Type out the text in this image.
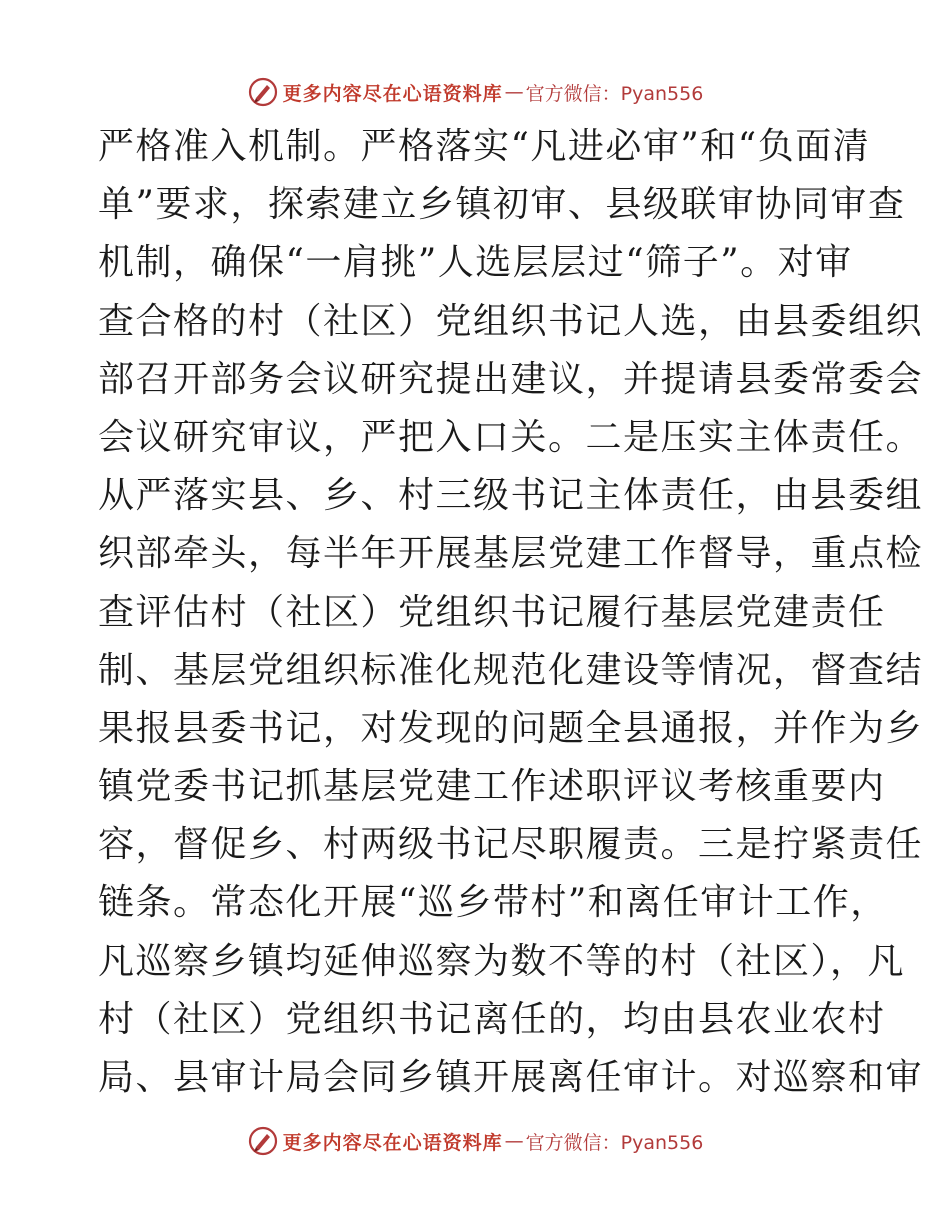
更多内容尽在心语资料库 — 官方微信：Pyan556
严格准入机制。严格落实“凡进必审”和“负面清
单”要求，探索建立乡镇初审、县级联审协同审查
机制，确保“一肩挑”人选层层过“筛子”。对审
查合格的村（社区）党组织书记人选，由县委组织
部召开部务会议研究提出建议，并提请县委常委会
会议研究审议，严把入口关。二是压实主体责任。
从严落实县、乡、村三级书记主体责任，由县委组
织部牵头，每半年开展基层党建工作督导，重点检
查评估村（社区）党组织书记履行基层党建责任
制、基层党组织标准化规范化建设等情况，督查结
果报县委书记，对发现的问题全县通报，并作为乡
镇党委书记抓基层党建工作述职评议考核重要内
容，督促乡、村两级书记尽职履责。三是拧紧责任
链条。常态化开展“巡乡带村”和离任审计工作，
凡巡察乡镇均延伸巡察为数不等的村（社区），凡
村（社区）党组织书记离任的，均由县农业农村
局、县审计局会同乡镇开展离任审计。对巡察和审
更多内容尽在心语资料库 — 官方微信：Pyan556
